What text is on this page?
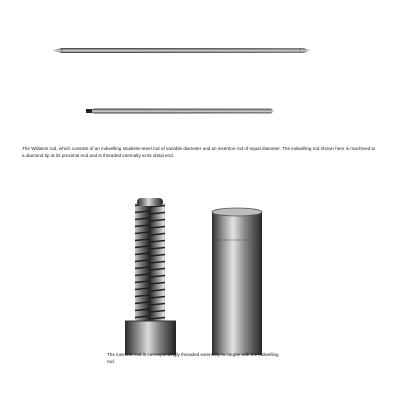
The Williams rod, which consists of an indwelling stainless-steel rod of variable diameter and an insertion rod of equal diameter. The indwelling rod shown here is machined to a diamond tip at its proximal end and is threaded internally at its distal end.

The insertion rod is correspondingly threaded externally to couple with the indwelling rod.
